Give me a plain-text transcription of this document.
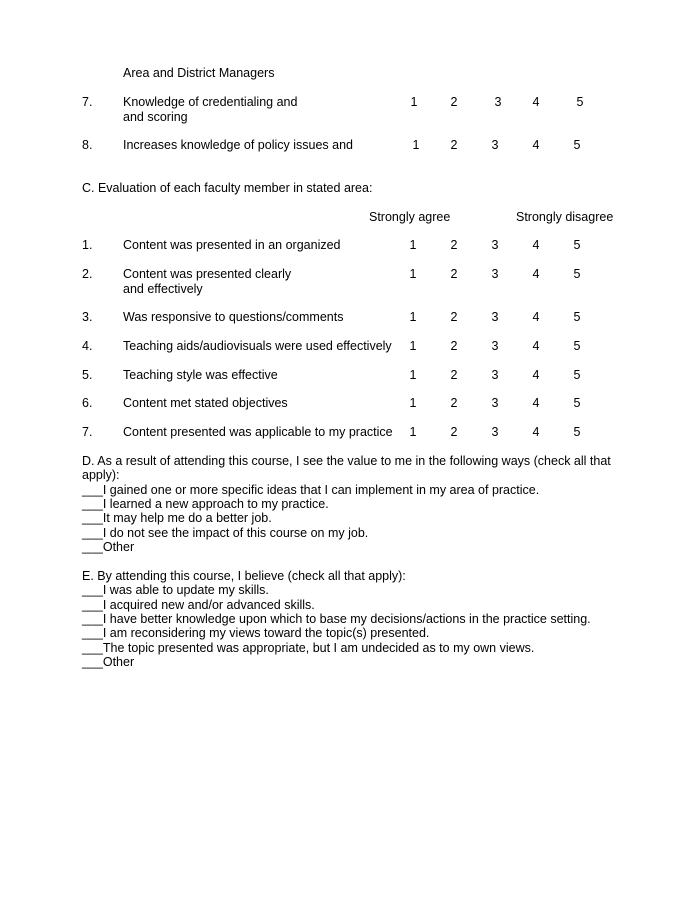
Area and District Managers
7. Knowledge of credentialing and
and scoring
1	2	3	4	5
8. Increases knowledge of policy issues and	1	2	3	4	5
C. Evaluation of each faculty member in stated area:
Strongly agree	Strongly disagree
1. Content was presented in an organized	1	2	3	4	5
2. Content was presented clearly
and effectively
1	2	3	4	5
3. Was responsive to questions/comments	1	2	3	4	5
4. Teaching aids/audiovisuals were used effectively	1	2	3	4	5
5. Teaching style was effective	1	2	3	4	5
6. Content met stated objectives	1	2	3	4	5
7. Content presented was applicable to my practice	1	2	3	4	5
D. As a result of attending this course, I see the value to me in the following ways (check all that
apply):
___I gained one or more specific ideas that I can implement in my area of practice.
___I learned a new approach to my practice.
___It may help me do a better job.
___I do not see the impact of this course on my job.
___Other
E. By attending this course, I believe (check all that apply):
___I was able to update my skills.
___I acquired new and/or advanced skills.
___I have better knowledge upon which to base my decisions/actions in the practice setting.
___I am reconsidering my views toward the topic(s) presented.
___The topic presented was appropriate, but I am undecided as to my own views.
___Other
